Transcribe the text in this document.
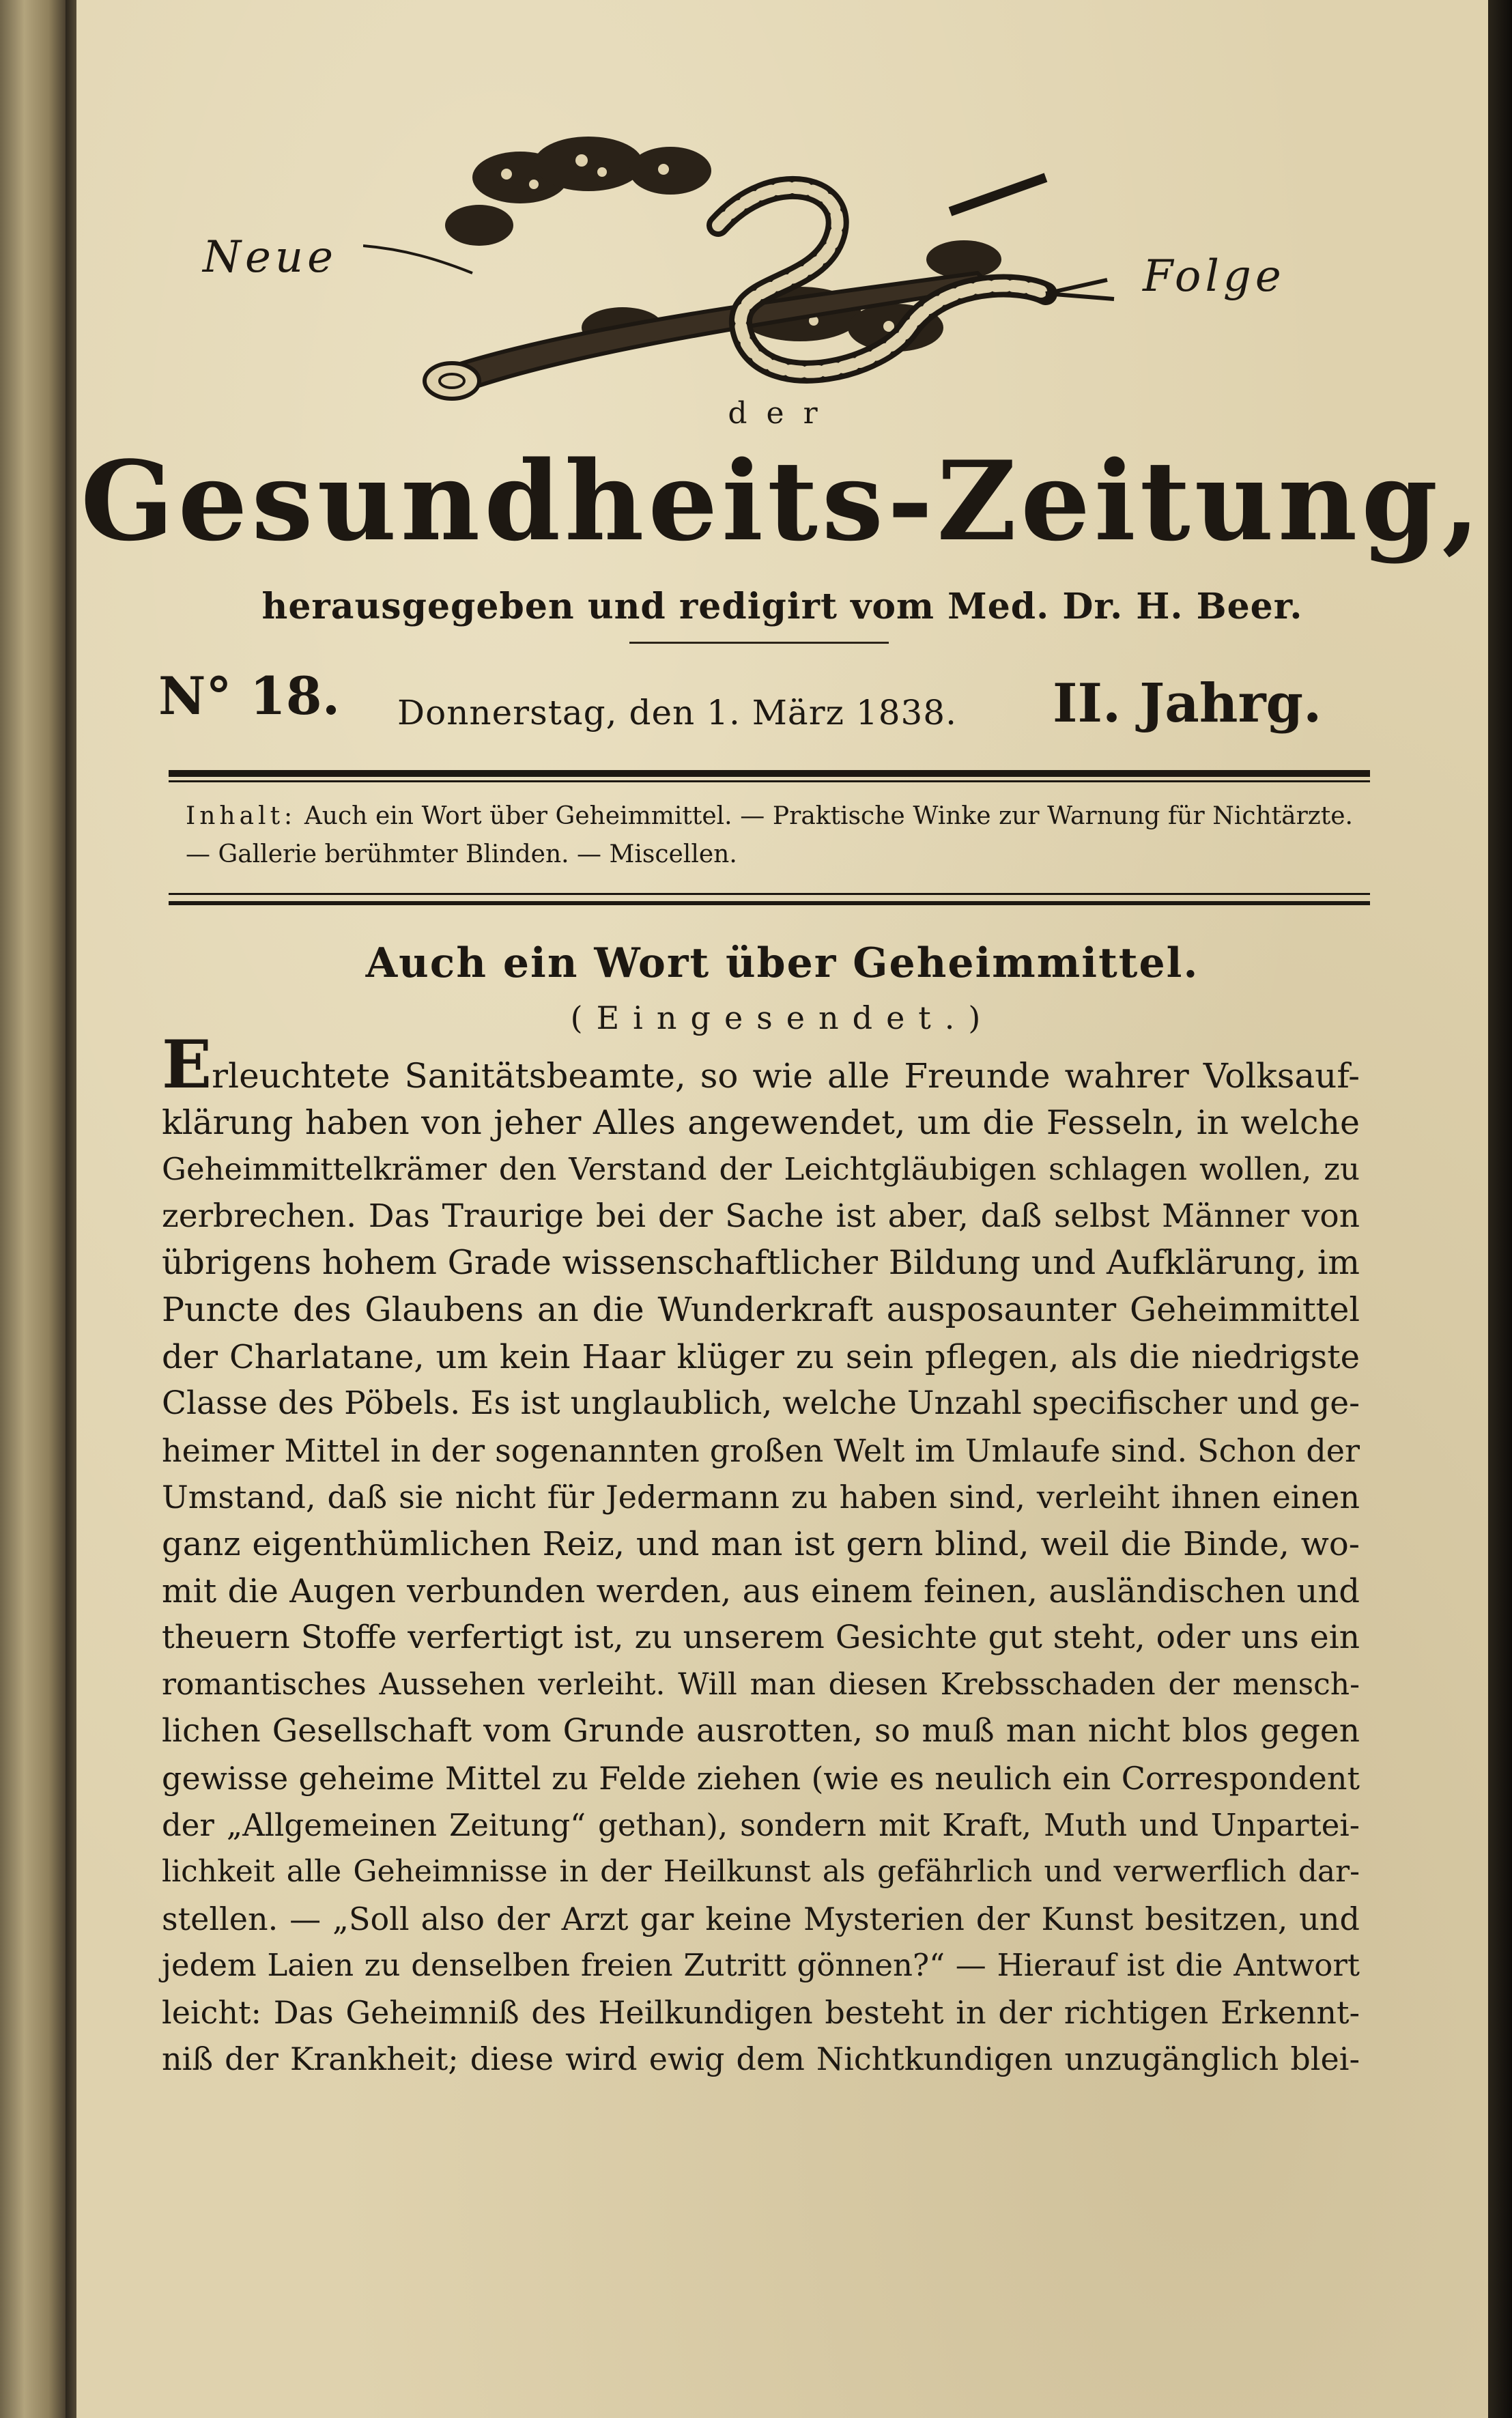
Neue	Folge
der
Gesundheits-Zeitung,
herausgegeben und redigirt vom Med. Dr. H. Beer.
N° 18. Donnerstag, den 1. März 1838. II. Jahrg.
Inhalt: Auch ein Wort über Geheimmittel. — Praktische Winke zur Warnung für Nichtärzte. — Gallerie berühmter Blinden. — Miscellen.
Auch ein Wort über Geheimmittel.
(Eingesendet.)
Erleuchtete Sanitätsbeamte, so wie alle Freunde wahrer Volksauf-
klärung haben von jeher Alles angewendet, um die Fesseln, in welche
Geheimmittelkrämer den Verstand der Leichtgläubigen schlagen wollen, zu
zerbrechen. Das Traurige bei der Sache ist aber, daß selbst Männer von
übrigens hohem Grade wissenschaftlicher Bildung und Aufklärung, im
Puncte des Glaubens an die Wunderkraft ausposaunter Geheimmittel
der Charlatane, um kein Haar klüger zu sein pflegen, als die niedrigste
Classe des Pöbels. Es ist unglaublich, welche Unzahl specifischer und ge-
heimer Mittel in der sogenannten großen Welt im Umlaufe sind. Schon der
Umstand, daß sie nicht für Jedermann zu haben sind, verleiht ihnen einen
ganz eigenthümlichen Reiz, und man ist gern blind, weil die Binde, wo-
mit die Augen verbunden werden, aus einem feinen, ausländischen und
theuern Stoffe verfertigt ist, zu unserem Gesichte gut steht, oder uns ein
romantisches Aussehen verleiht. Will man diesen Krebsschaden der mensch-
lichen Gesellschaft vom Grunde ausrotten, so muß man nicht blos gegen
gewisse geheime Mittel zu Felde ziehen (wie es neulich ein Correspondent
der „Allgemeinen Zeitung“ gethan), sondern mit Kraft, Muth und Unpartei-
lichkeit alle Geheimnisse in der Heilkunst als gefährlich und verwerflich dar-
stellen. — „Soll also der Arzt gar keine Mysterien der Kunst besitzen, und
jedem Laien zu denselben freien Zutritt gönnen?“ — Hierauf ist die Antwort
leicht: Das Geheimniß des Heilkundigen besteht in der richtigen Erkennt-
niß der Krankheit; diese wird ewig dem Nichtkundigen unzugänglich blei-
